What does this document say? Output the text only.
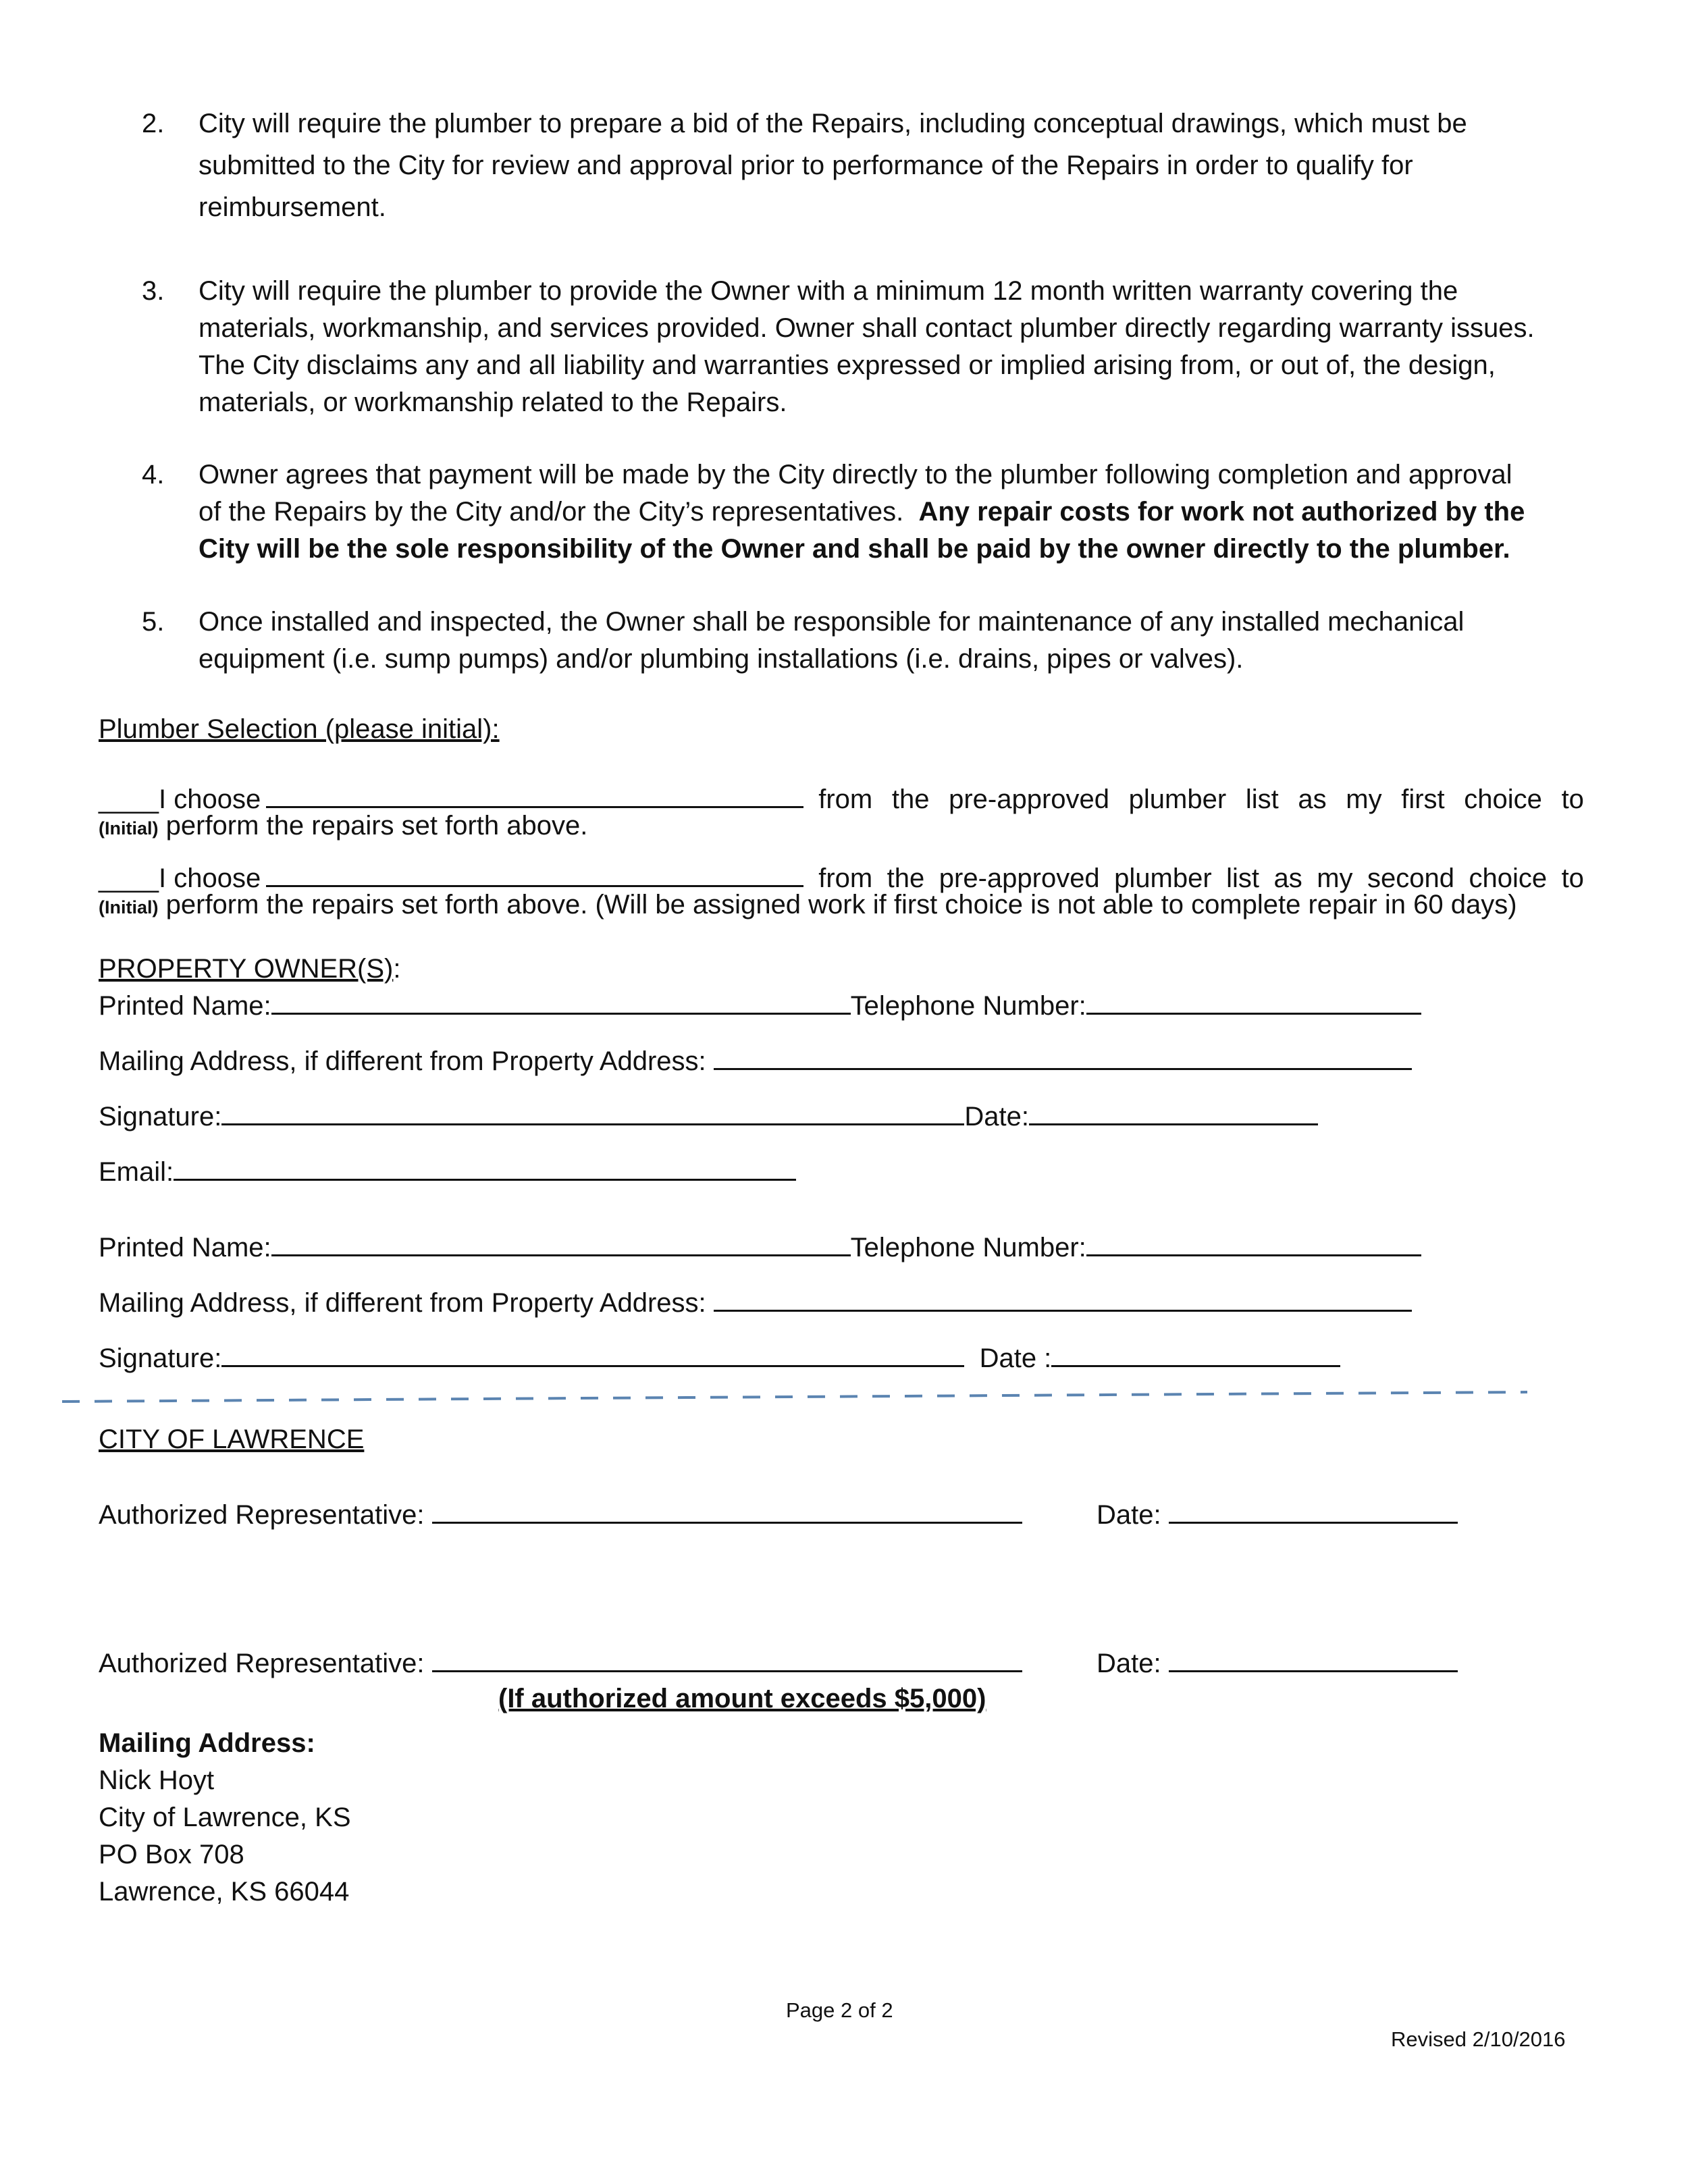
2.	City will require the plumber to prepare a bid of the Repairs, including conceptual drawings, which must be

submitted to the City for review and approval prior to performance of the Repairs in order to qualify for

reimbursement.

3.	City will require the plumber to provide the Owner with a minimum 12 month written warranty covering the

materials, workmanship, and services provided. Owner shall contact plumber directly regarding warranty issues.

The City disclaims any and all liability and warranties expressed or implied arising from, or out of, the design,

materials, or workmanship related to the Repairs.

4.	Owner agrees that payment will be made by the City directly to the plumber following completion and approval

of the Repairs by the City and/or the City’s representatives. Any repair costs for work not authorized by the

City will be the sole responsibility of the Owner and shall be paid by the owner directly to the plumber.

5.	Once installed and inspected, the Owner shall be responsible for maintenance of any installed mechanical

equipment (i.e. sump pumps) and/or plumbing installations (i.e. drains, pipes or valves).

Plumber Selection (please initial):
____I choose	from the pre-approved plumber list as my first choice to
(Initial) perform the repairs set forth above.
____I choose	from the pre-approved plumber list as my second choice to
(Initial) perform the repairs set forth above. (Will be assigned work if first choice is not able to complete repair in 60 days)
PROPERTY OWNER(S):
Printed Name:	Telephone Number:
Mailing Address, if different from Property Address:
Signature:	Date:
Email:
Printed Name:	Telephone Number:
Mailing Address, if different from Property Address:
Signature:	Date :
CITY OF LAWRENCE
Authorized Representative:	Date:
Authorized Representative:	Date:
(If authorized amount exceeds $5,000)
Mailing Address:
Nick Hoyt
City of Lawrence, KS
PO Box 708
Lawrence, KS 66044
Page 2 of 2
Revised 2/10/2016
